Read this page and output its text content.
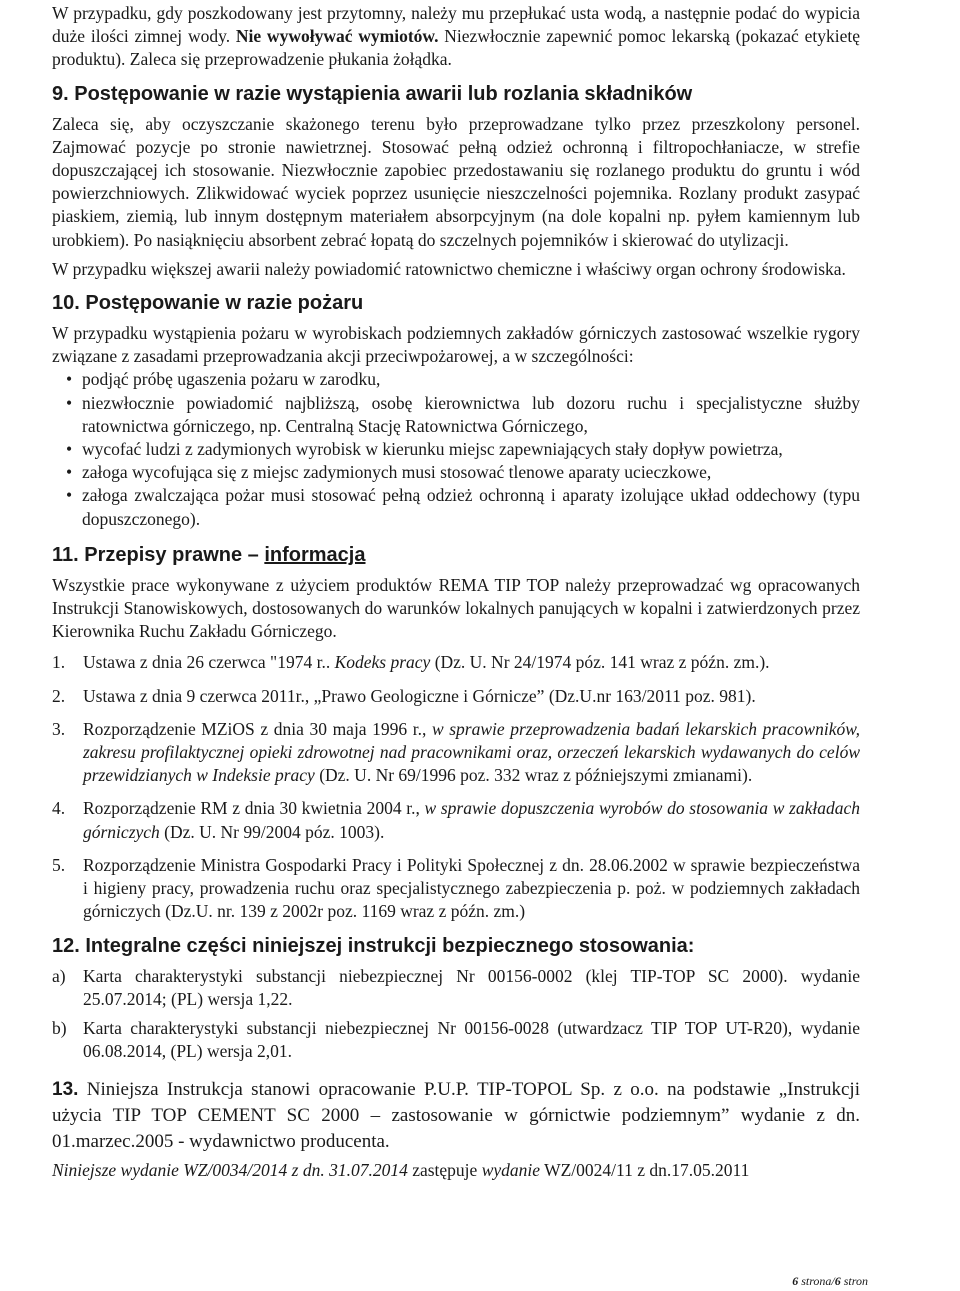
W przypadku, gdy poszkodowany jest przytomny, należy mu przepłukać usta wodą, a następnie podać do wypicia duże ilości zimnej wody. Nie wywoływać wymiotów. Niezwłocznie zapewnić pomoc lekarską (pokazać etykietę produktu). Zaleca się przeprowadzenie płukania żołądka.

9. Postępowanie w razie wystąpienia awarii lub rozlania składników

Zaleca się, aby oczyszczanie skażonego terenu było przeprowadzane tylko przez przeszkolony personel. Zajmować pozycje po stronie nawietrznej. Stosować pełną odzież ochronną i filtropochłaniacze, w strefie dopuszczającej ich stosowanie. Niezwłocznie zapobiec przedostawaniu się rozlanego produktu do gruntu i wód powierzchniowych. Zlikwidować wyciek poprzez usunięcie nieszczelności pojemnika. Rozlany produkt zasypać piaskiem, ziemią, lub innym dostępnym materiałem absorpcyjnym (na dole kopalni np. pyłem kamiennym lub urobkiem). Po nasiąknięciu absorbent zebrać łopatą do szczelnych pojemników i skierować do utylizacji.

W przypadku większej awarii należy powiadomić ratownictwo chemiczne i właściwy organ ochrony środowiska.

10. Postępowanie w razie pożaru

W przypadku wystąpienia pożaru w wyrobiskach podziemnych zakładów górniczych zastosować wszelkie rygory związane z zasadami przeprowadzania akcji przeciwpożarowej, a w szczególności:

• podjąć próbę ugaszenia pożaru w zarodku,
• niezwłocznie powiadomić najbliższą, osobę kierownictwa lub dozoru ruchu i specjalistyczne służby ratownictwa górniczego, np. Centralną Stację Ratownictwa Górniczego,
• wycofać ludzi z zadymionych wyrobisk w kierunku miejsc zapewniających stały dopływ powietrza,
• załoga wycofująca się z miejsc zadymionych musi stosować tlenowe aparaty ucieczkowe,
• załoga zwalczająca pożar musi stosować pełną odzież ochronną i aparaty izolujące układ oddechowy (typu dopuszczonego).
11. Przepisy prawne – informacja

Wszystkie prace wykonywane z użyciem produktów REMA TIP TOP należy przeprowadzać wg opracowanych Instrukcji Stanowiskowych, dostosowanych do warunków lokalnych panujących w kopalni i zatwierdzonych przez Kierownika Ruchu Zakładu Górniczego.

1. Ustawa z dnia 26 czerwca "1974 r.. Kodeks pracy (Dz. U. Nr 24/1974 póz. 141 wraz z późn. zm.).
2. Ustawa z dnia 9 czerwca 2011r., „Prawo Geologiczne i Górnicze” (Dz.U.nr 163/2011 poz. 981).
3. Rozporządzenie MZiOS z dnia 30 maja 1996 r., w sprawie przeprowadzenia badań lekarskich pracowników, zakresu profilaktycznej opieki zdrowotnej nad pracownikami oraz, orzeczeń lekarskich wydawanych do celów przewidzianych w Indeksie pracy (Dz. U. Nr 69/1996 poz. 332 wraz z późniejszymi zmianami).
4. Rozporządzenie RM z dnia 30 kwietnia 2004 r., w sprawie dopuszczenia wyrobów do stosowania w zakładach górniczych (Dz. U. Nr 99/2004 póz. 1003).
5. Rozporządzenie Ministra Gospodarki Pracy i Polityki Społecznej z dn. 28.06.2002 w sprawie bezpieczeństwa i higieny pracy, prowadzenia ruchu oraz specjalistycznego zabezpieczenia p. poż. w podziemnych zakładach górniczych (Dz.U. nr. 139 z 2002r poz. 1169 wraz z późn. zm.)
12. Integralne części niniejszej instrukcji bezpiecznego stosowania:
a) Karta charakterystyki substancji niebezpiecznej Nr 00156-0002 (klej TIP-TOP SC 2000). wydanie 25.07.2014; (PL) wersja 1,22.
b) Karta charakterystyki substancji niebezpiecznej Nr 00156-0028 (utwardzacz TIP TOP UT-R20), wydanie 06.08.2014, (PL) wersja 2,01.

13. Niniejsza Instrukcja stanowi opracowanie P.U.P. TIP-TOPOL Sp. z o.o. na podstawie „Instrukcji użycia TIP TOP CEMENT SC 2000 – zastosowanie w górnictwie podziemnym” wydanie z dn. 01.marzec.2005 - wydawnictwo producenta.

Niniejsze wydanie WZ/0034/2014 z dn. 31.07.2014 zastępuje wydanie WZ/0024/11 z dn.17.05.2011

6 strona/6 stron
